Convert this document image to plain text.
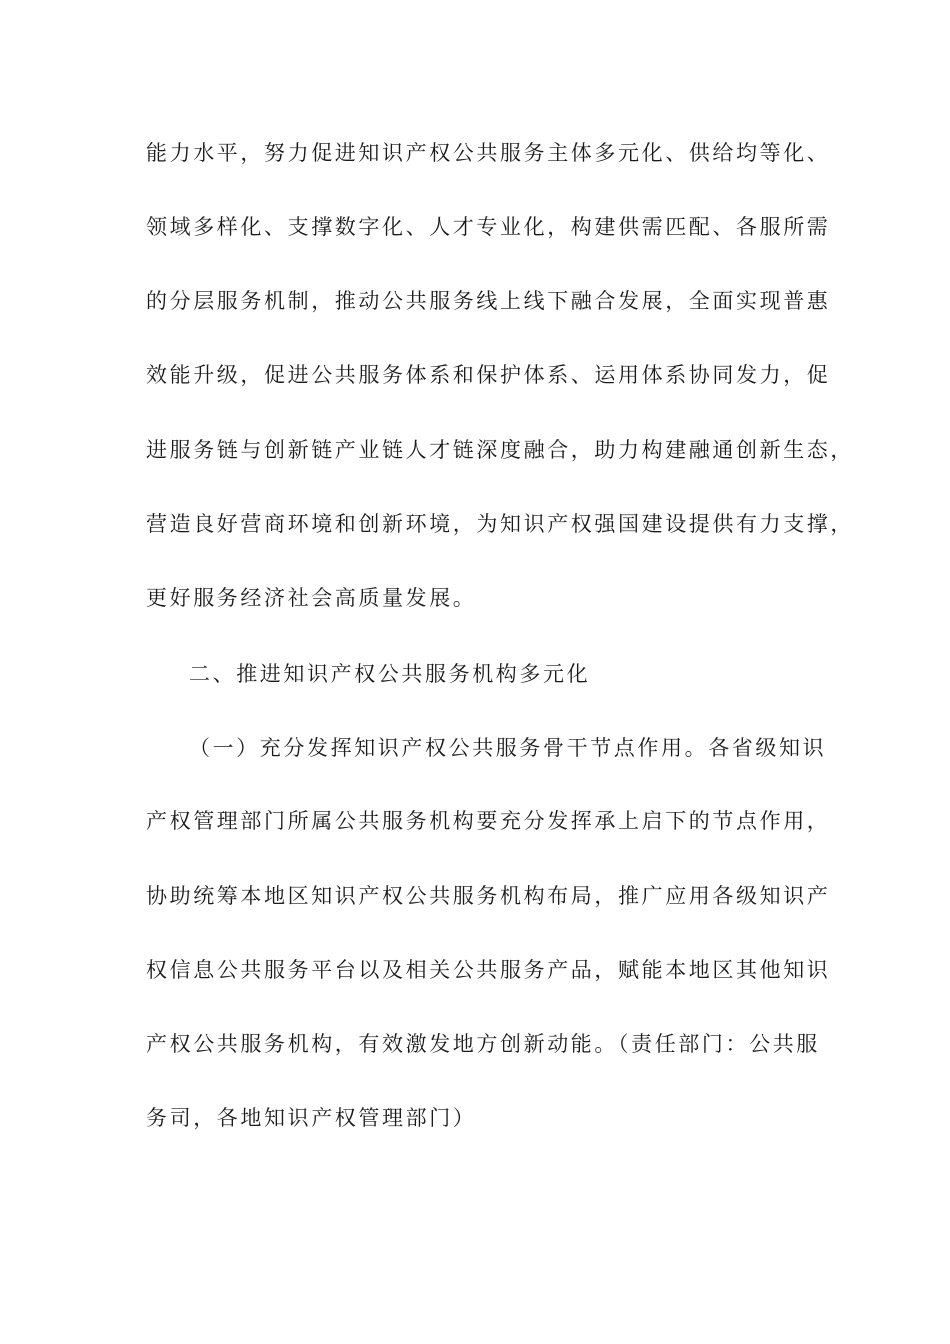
能力水平，努力促进知识产权公共服务主体多元化、供给均等化、
领域多样化、支撑数字化、人才专业化，构建供需匹配、各服所需
的分层服务机制，推动公共服务线上线下融合发展，全面实现普惠
效能升级，促进公共服务体系和保护体系、运用体系协同发力，促
进服务链与创新链产业链人才链深度融合，助力构建融通创新生态，
营造良好营商环境和创新环境，为知识产权强国建设提供有力支撑，
更好服务经济社会高质量发展。
二、推进知识产权公共服务机构多元化
（一）充分发挥知识产权公共服务骨干节点作用。各省级知识
产权管理部门所属公共服务机构要充分发挥承上启下的节点作用，
协助统筹本地区知识产权公共服务机构布局，推广应用各级知识产
权信息公共服务平台以及相关公共服务产品，赋能本地区其他知识
产权公共服务机构，有效激发地方创新动能。（责任部门：公共服
务司，各地知识产权管理部门）
